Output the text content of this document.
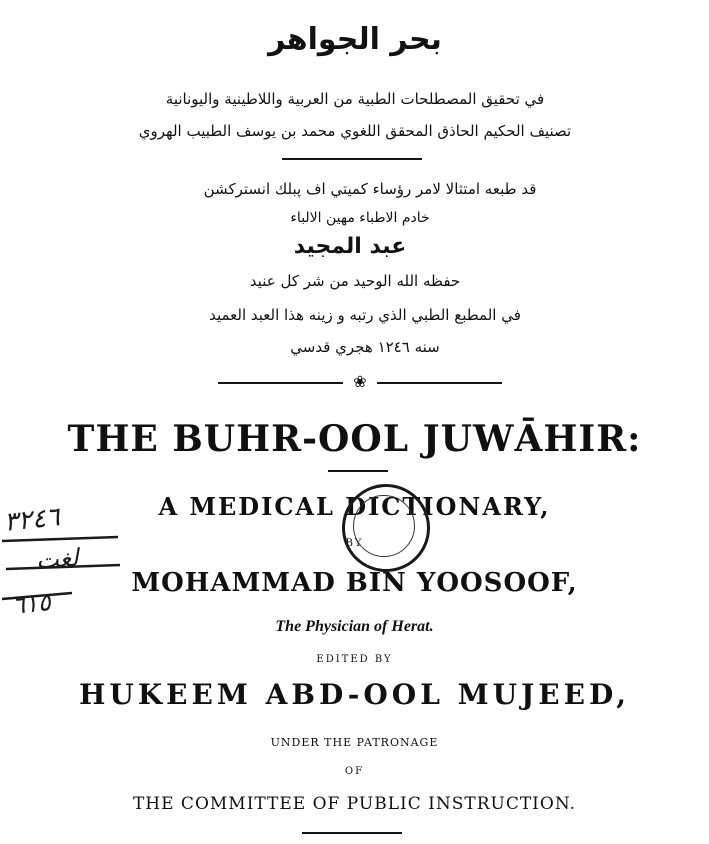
بحر الجواهر
في تحقيق المصطلحات الطبية من العربية واللاطينية واليونانية
تصنيف الحكيم الحاذق المحقق اللغوي محمد بن يوسف الطبيب الهروي
قد طبعه امتثالا لامر رؤساء كميتي اف پبلك انستركشن
خادم الاطباء مهين الالباء
عبد المجيد
حفظه الله الوحيد من شر كل عنيد
في المطبع الطبي الذي رتبه و زينه هذا العبد العميد
سنه ١٢٤٦ هجري قدسي
❀
THE BUHR-OOL JUWĀHIR:
A MEDICAL DICTIONARY,
BY
MOHAMMAD BIN YOOSOOF,
The Physician of Herat.
EDITED BY
HUKEEM ABD-OOL MUJEED,
UNDER THE PATRONAGE
OF
THE COMMITTEE OF PUBLIC INSTRUCTION.
٣٢٤٦
لغت
٦١٥
